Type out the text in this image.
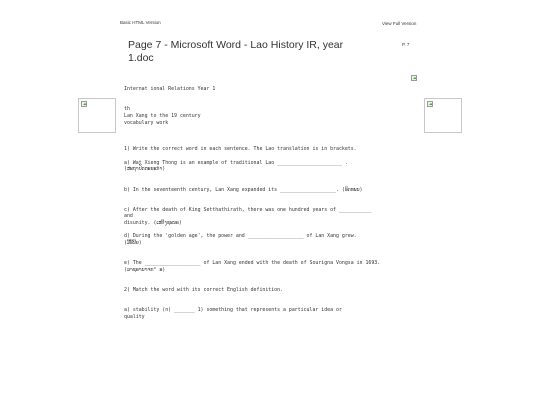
Basic HTML Version	View Full Version
Page 7 - Microsoft Word - Lao History IR, year 1.doc
P. 7

Internat ional Relations Year 1

th

Lan Xang to the 19 century

vocabulary work

1) Write the correct word in each sentence. The Lao translation is in brackets.

a) Wat Xieng Thong is an example of traditional Lao ______________________ .

(ສະຖາປັດຕະຍະກຳ)

b) In the seventeenth century, Lan Xang expanded its ___________________. (ອິດທພນ)

c) After the death of King Setthathirath, there was one hundred years of ___________

and

disunity. (ເສຍີງຊະນຄ)

d) During the 'golden age', the power and ___________________ of Lan Xang grew.

(ມີ້ອີ້ນີຍ)

e) The ___________________ of Lan Xang ended with the death of Sourigna Vongsa in 1693.

(ລາຊອານາຈກ° ອ)

2) Match the word with its correct English definition.

a) stability (n) _______ 1) something that represents a particular idea or

quality
